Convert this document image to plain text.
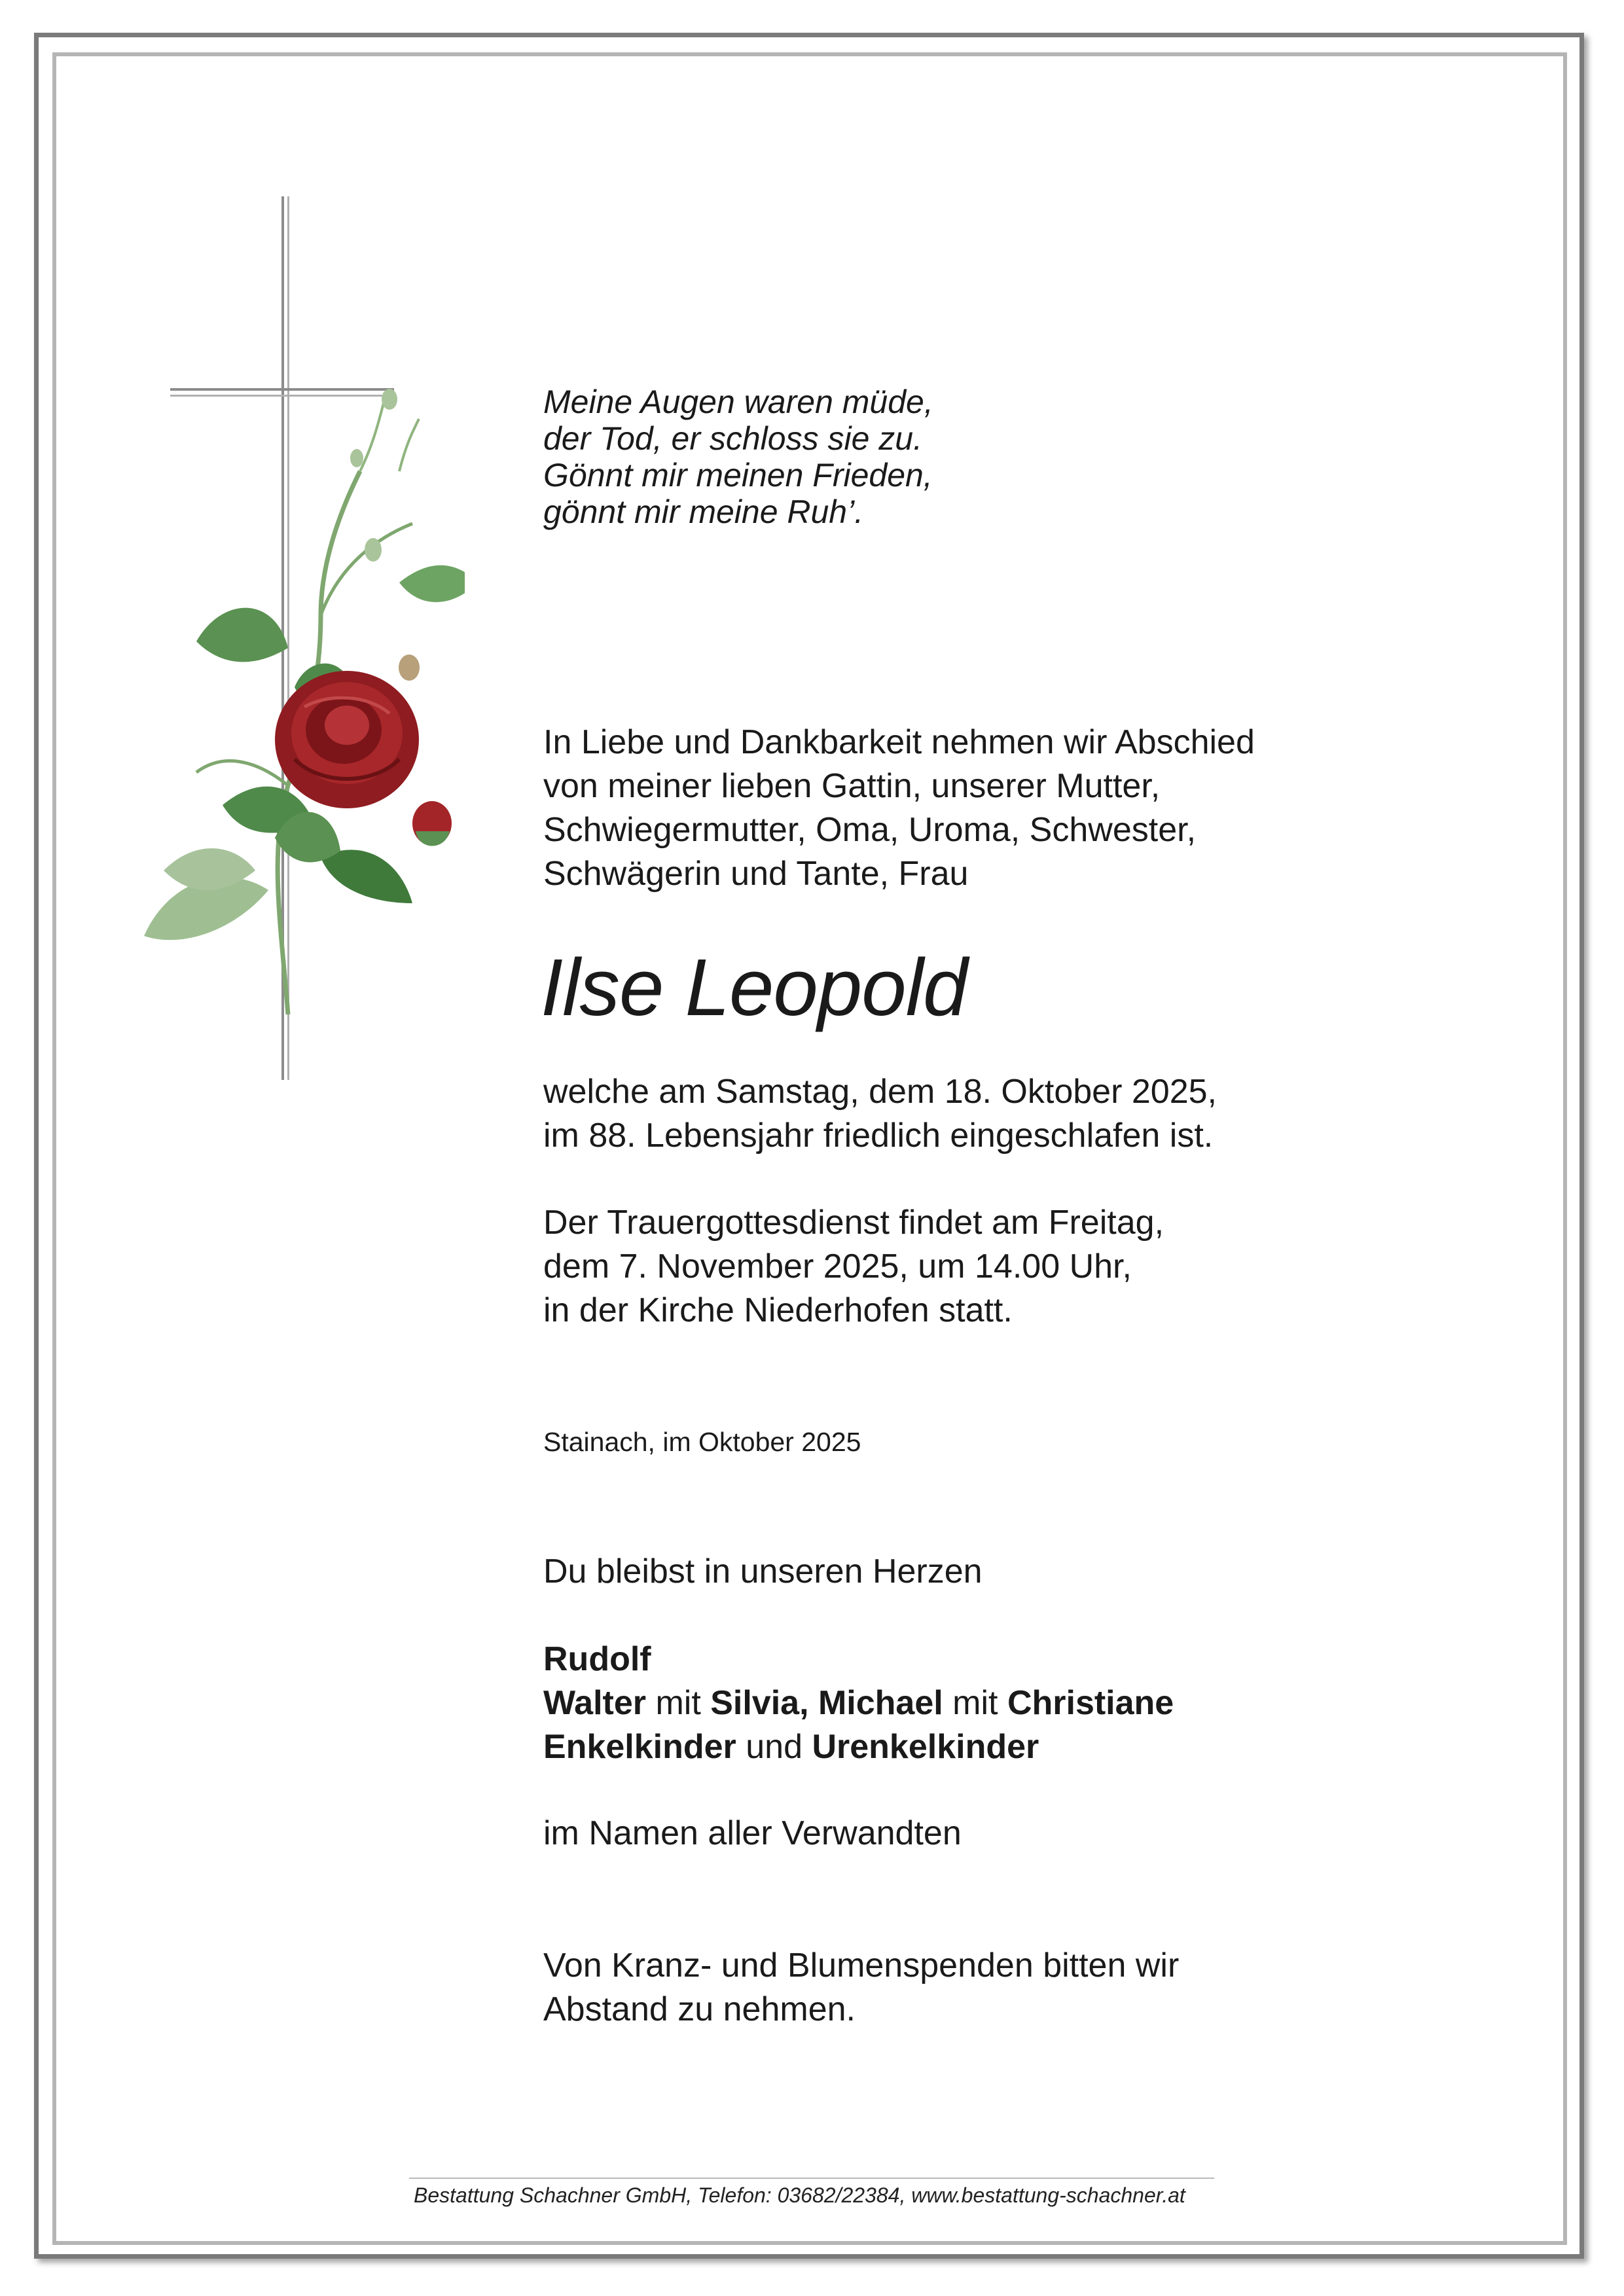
Meine Augen waren müde,
der Tod, er schloss sie zu.
Gönnt mir meinen Frieden,
gönnt mir meine Ruh’.
In Liebe und Dankbarkeit nehmen wir Abschied
von meiner lieben Gattin, unserer Mutter,
Schwiegermutter, Oma, Uroma, Schwester,
Schwägerin und Tante, Frau
Ilse Leopold
welche am Samstag, dem 18. Oktober 2025,
im 88. Lebensjahr friedlich eingeschlafen ist.
Der Trauergottesdienst findet am Freitag,
dem 7. November 2025, um 14.00 Uhr,
in der Kirche Niederhofen statt.
Stainach, im Oktober 2025
Du bleibst in unseren Herzen
Rudolf
Walter mit Silvia, Michael mit Christiane
Enkelkinder und Urenkelkinder
im Namen aller Verwandten
Von Kranz- und Blumenspenden bitten wir
Abstand zu nehmen.
Bestattung Schachner GmbH, Telefon: 03682/22384, www.bestattung-schachner.at
